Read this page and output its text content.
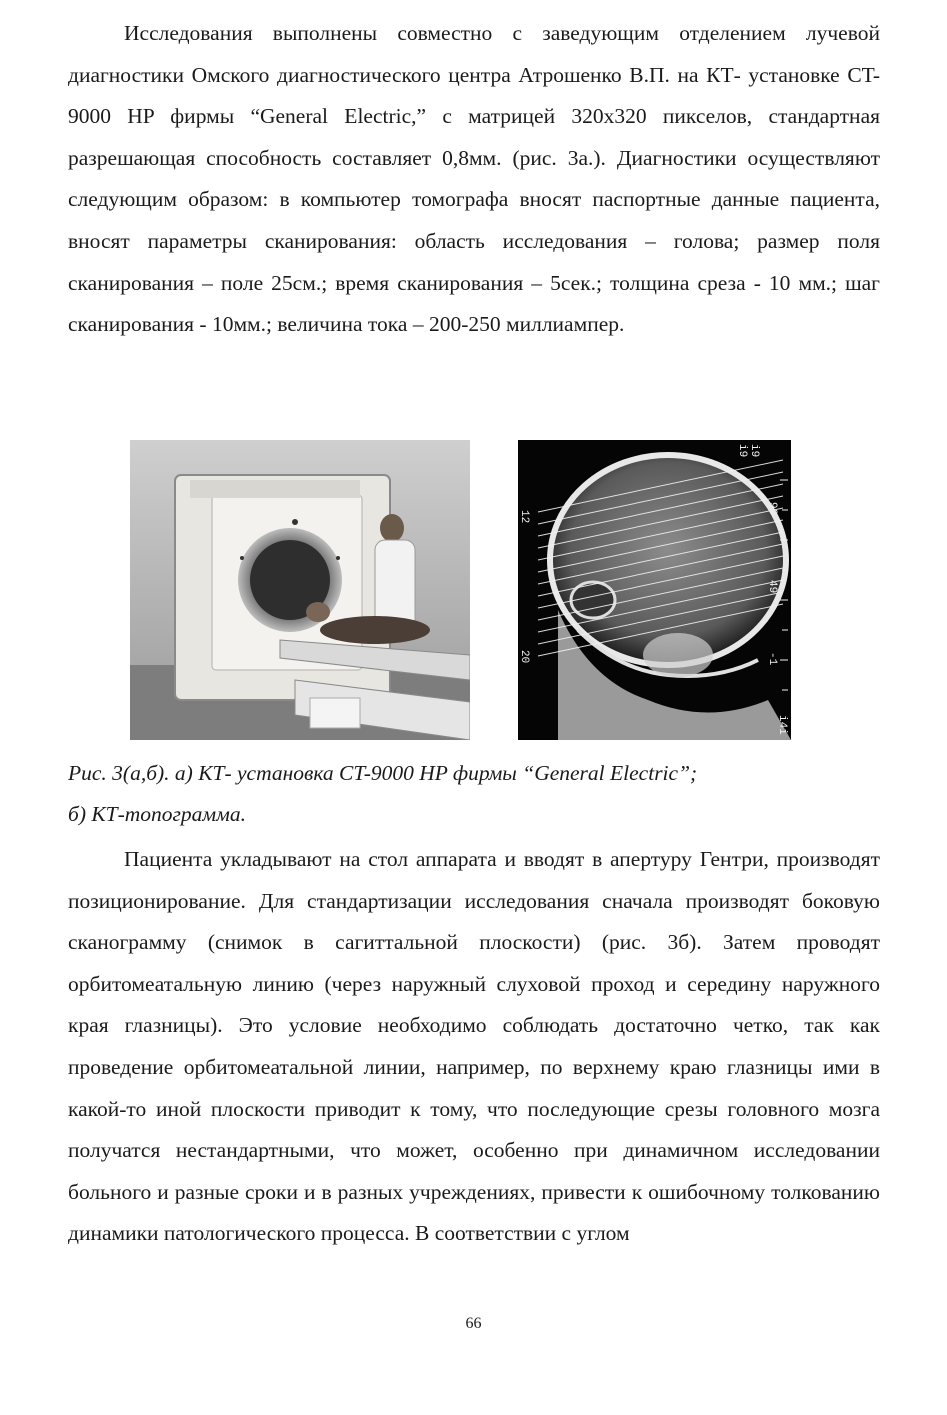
Исследования выполнены совместно с заведующим отделением лучевой диагностики Омского диагностического центра Атрошенко В.П. на КТ- установке CT-9000 HP фирмы “General Electric,” с матрицей 320x320 пикселов, стандартная разрешающая способность составляет 0,8мм. (рис. 3а.). Диагностики осуществляют следующим образом: в компьютер томографа вносят паспортные данные пациента, вносят параметры сканирования: область исследования – голова; размер поля сканирования – поле 25см.; время сканирования – 5сек.; толщина среза - 10 мм.; шаг сканирования - 10мм.; величина тока – 200-250 миллиампер.

99
49
-1
12
20
i9 i9
i4i

Рис. 3(а,б). а) КТ- установка CT-9000 HP фирмы “General Electric”;

б) КТ-топограмма.

Пациента укладывают на стол аппарата и вводят в апертуру Гентри, производят позиционирование. Для стандартизации исследования сначала производят боковую сканограмму (снимок в сагиттальной плоскости) (рис. 3б). Затем проводят орбитомеатальную линию (через наружный слуховой проход и середину наружного края глазницы). Это условие необходимо соблюдать достаточно четко, так как проведение орбитомеатальной линии, например, по верхнему краю глазницы ими в какой-то иной плоскости приводит к тому, что последующие срезы головного мозга получатся нестандартными, что может, особенно при динамичном исследовании больного и разные сроки и в разных учреждениях, привести к ошибочному толкованию динамики патологического процесса. В соответствии с углом

66
